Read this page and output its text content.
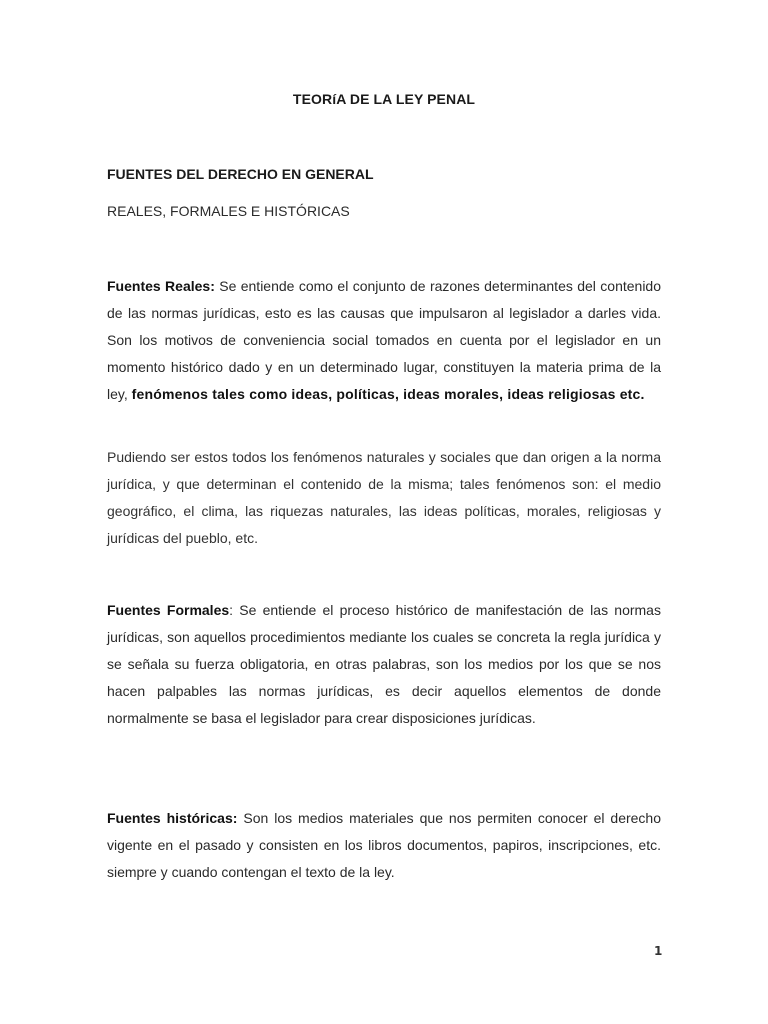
TEORíA DE LA LEY PENAL
FUENTES DEL DERECHO EN GENERAL
REALES, FORMALES E HISTÓRICAS

Fuentes Reales: Se entiende como el conjunto de razones determinantes del contenido de las normas jurídicas, esto es las causas que impulsaron al legislador a darles vida. Son los motivos de conveniencia social tomados en cuenta por el legislador en un momento histórico dado y en un determinado lugar, constituyen la materia prima de la ley, fenómenos tales como ideas, políticas, ideas morales, ideas religiosas etc.

Pudiendo ser estos todos los fenómenos naturales y sociales que dan origen a la norma jurídica, y que determinan el contenido de la misma; tales fenómenos son: el medio geográfico, el clima, las riquezas naturales, las ideas políticas, morales, religiosas y jurídicas del pueblo, etc.

Fuentes Formales: Se entiende el proceso histórico de manifestación de las normas jurídicas, son aquellos procedimientos mediante los cuales se concreta la regla jurídica y se señala su fuerza obligatoria, en otras palabras, son los medios por los que se nos hacen palpables las normas jurídicas, es decir aquellos elementos de donde normalmente se basa el legislador para crear disposiciones jurídicas.

Fuentes históricas: Son los medios materiales que nos permiten conocer el derecho vigente en el pasado y consisten en los libros documentos, papiros, inscripciones, etc. siempre y cuando contengan el texto de la ley.

1
